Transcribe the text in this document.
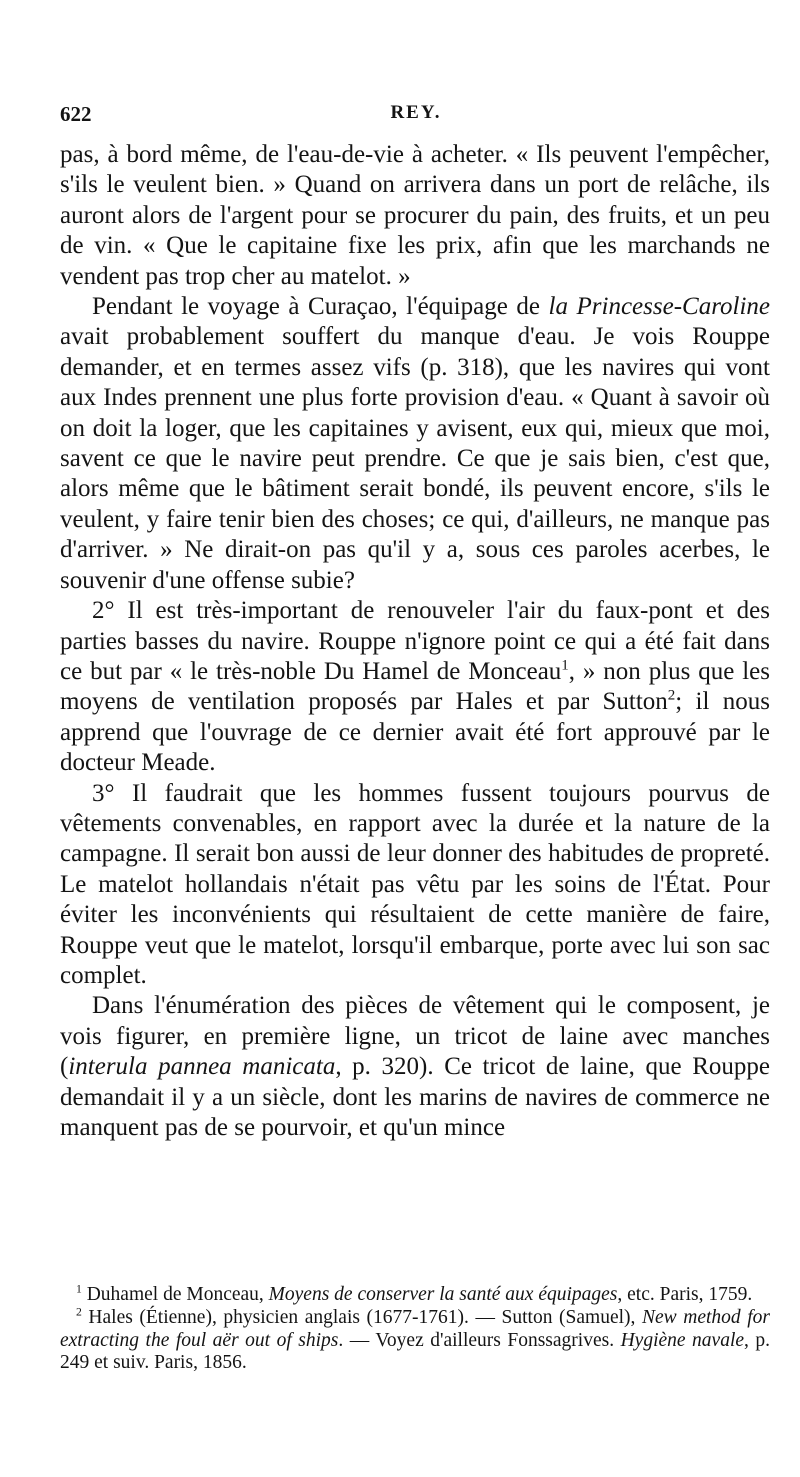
622	REY.

pas, à bord même, de l'eau-de-vie à acheter. « Ils peuvent l'empêcher, s'ils le veulent bien. » Quand on arrivera dans un port de relâche, ils auront alors de l'argent pour se procurer du pain, des fruits, et un peu de vin. « Que le capitaine fixe les prix, afin que les marchands ne vendent pas trop cher au matelot. »

Pendant le voyage à Curaçao, l'équipage de la Princesse-Caroline avait probablement souffert du manque d'eau. Je vois Rouppe demander, et en termes assez vifs (p. 318), que les navires qui vont aux Indes prennent une plus forte provision d'eau. « Quant à savoir où on doit la loger, que les capitaines y avisent, eux qui, mieux que moi, savent ce que le navire peut prendre. Ce que je sais bien, c'est que, alors même que le bâtiment serait bondé, ils peuvent encore, s'ils le veulent, y faire tenir bien des choses; ce qui, d'ailleurs, ne manque pas d'arriver. » Ne dirait-on pas qu'il y a, sous ces paroles acerbes, le souvenir d'une offense subie?

2° Il est très-important de renouveler l'air du faux-pont et des parties basses du navire. Rouppe n'ignore point ce qui a été fait dans ce but par « le très-noble Du Hamel de Monceau$^1$, » non plus que les moyens de ventilation proposés par Hales et par Sutton$^2$; il nous apprend que l'ouvrage de ce dernier avait été fort approuvé par le docteur Meade.

3° Il faudrait que les hommes fussent toujours pourvus de vêtements convenables, en rapport avec la durée et la nature de la campagne. Il serait bon aussi de leur donner des habitudes de propreté. Le matelot hollandais n'était pas vêtu par les soins de l'État. Pour éviter les inconvénients qui résultaient de cette manière de faire, Rouppe veut que le matelot, lorsqu'il embarque, porte avec lui son sac complet.

Dans l'énumération des pièces de vêtement qui le composent, je vois figurer, en première ligne, un tricot de laine avec manches (interula pannea manicata, p. 320). Ce tricot de laine, que Rouppe demandait il y a un siècle, dont les marins de navires de commerce ne manquent pas de se pourvoir, et qu'un mince

$^1$ Duhamel de Monceau, Moyens de conserver la santé aux équipages, etc. Paris, 1759.

$^2$ Hales (Étienne), physicien anglais (1677-1761). — Sutton (Samuel), New method for extracting the foul aër out of ships. — Voyez d'ailleurs Fonssagrives. Hygiène navale, p. 249 et suiv. Paris, 1856.
